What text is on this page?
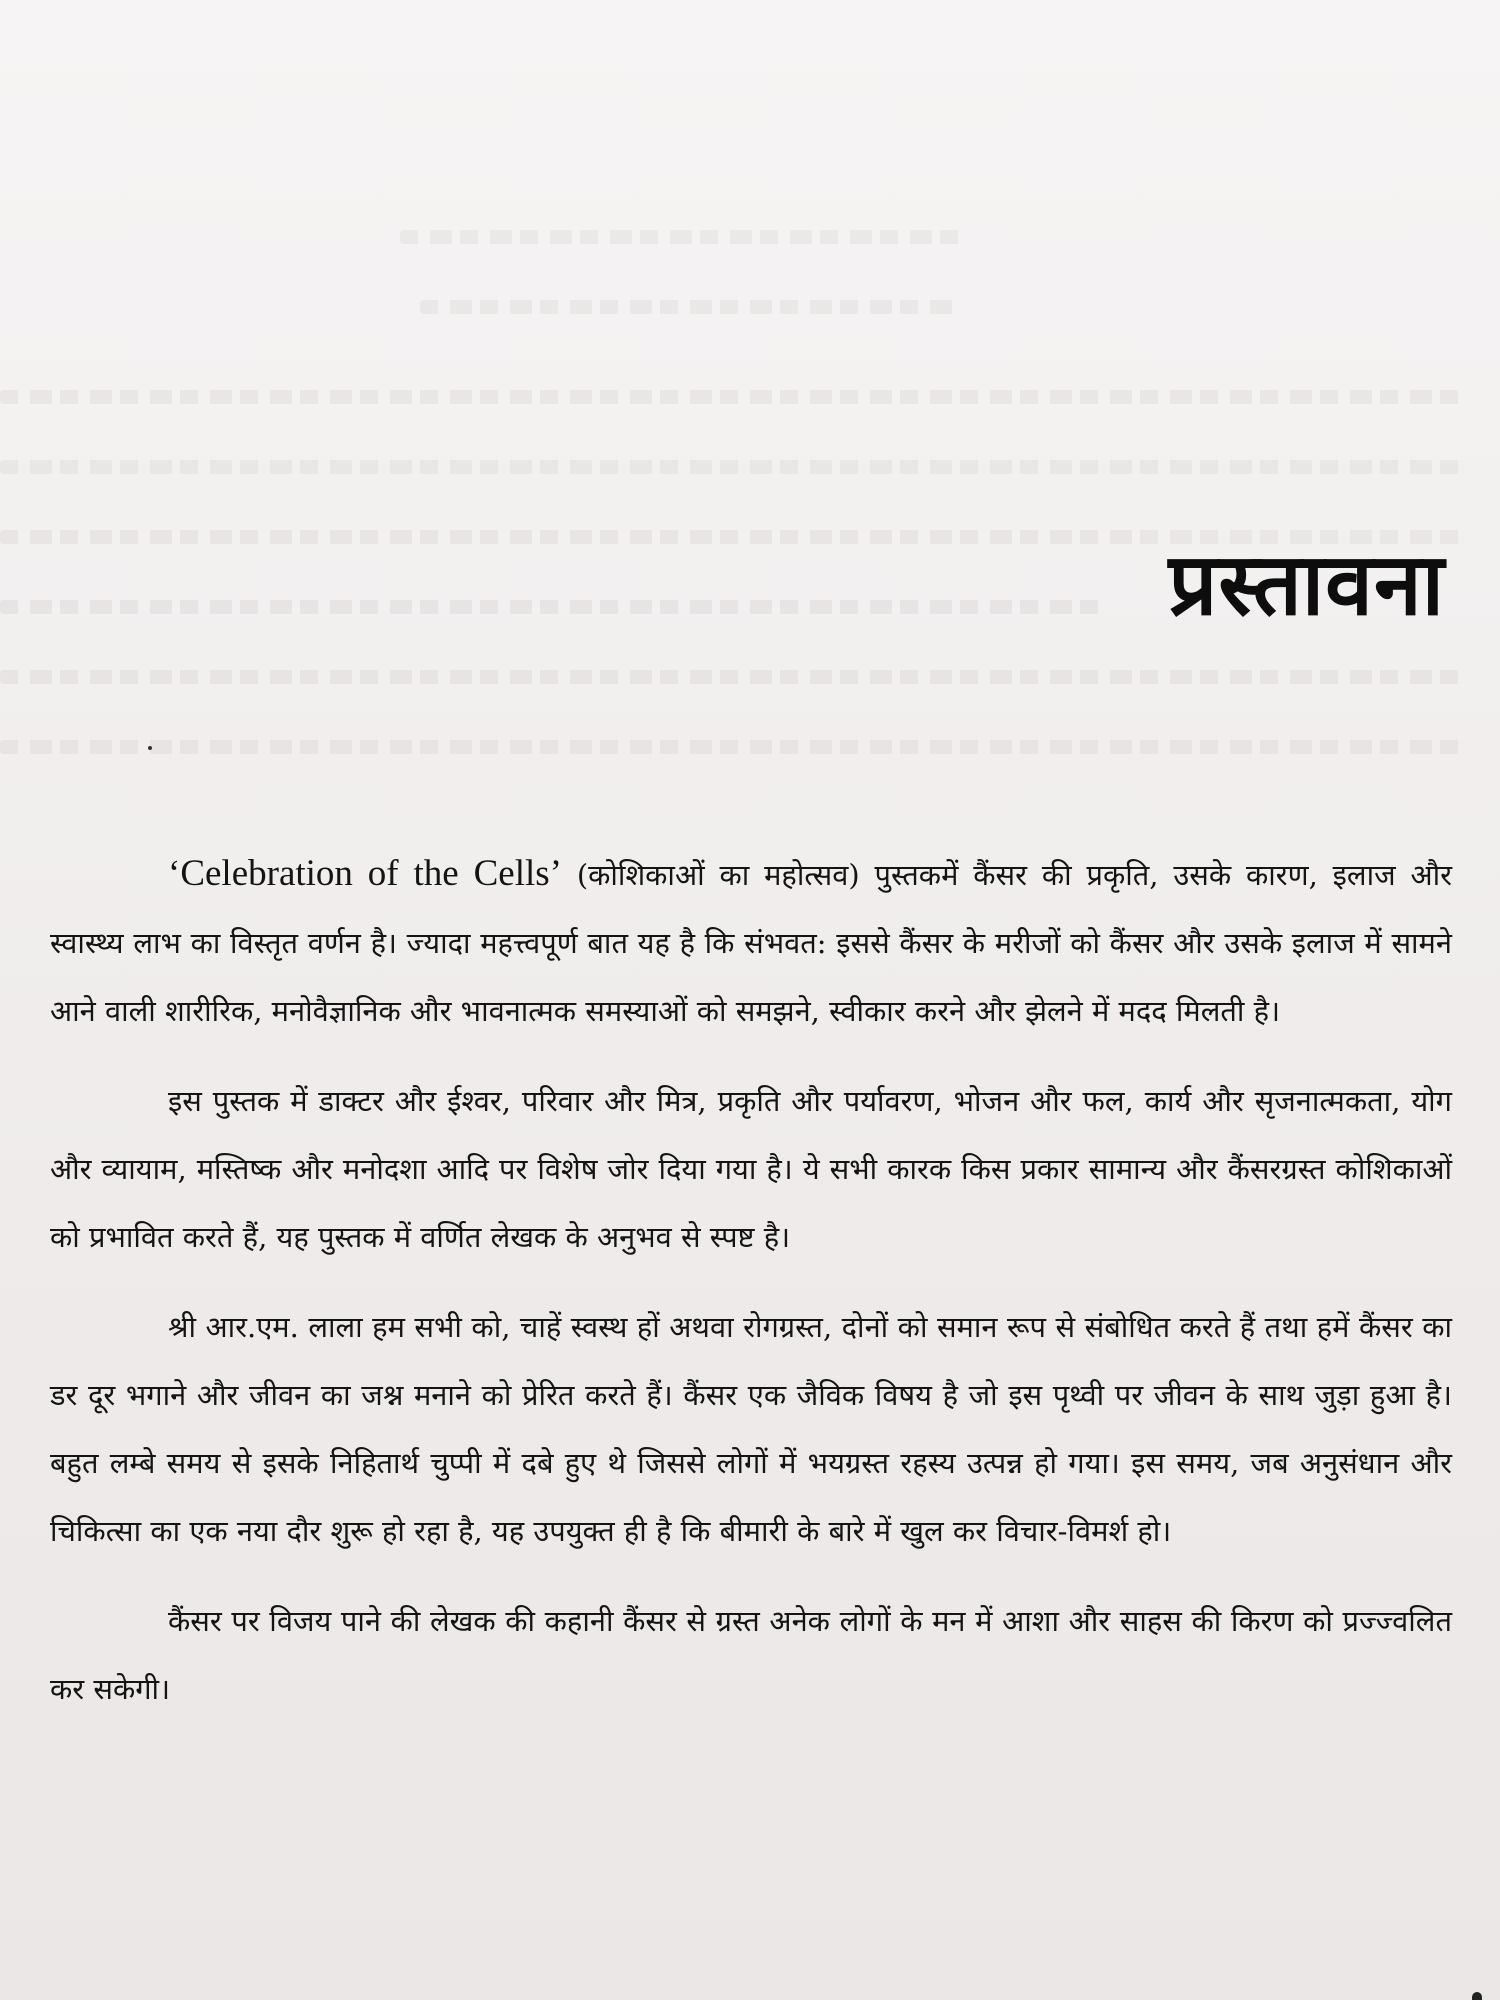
प्रस्तावना

‘Celebration of the Cells’ (कोशिकाओं का महोत्सव) पुस्तकमें कैंसर की प्रकृति, उसके कारण, इलाज और स्वास्थ्य लाभ का विस्तृत वर्णन है। ज्यादा महत्त्वपूर्ण बात यह है कि संभवत: इससे कैंसर के मरीजों को कैंसर और उसके इलाज में सामने आने वाली शारीरिक, मनोवैज्ञानिक और भावनात्मक समस्याओं को समझने, स्वीकार करने और झेलने में मदद मिलती है।

इस पुस्तक में डाक्टर और ईश्वर, परिवार और मित्र, प्रकृति और पर्यावरण, भोजन और फल, कार्य और सृजनात्मकता, योग और व्यायाम, मस्तिष्क और मनोदशा आदि पर विशेष जोर दिया गया है। ये सभी कारक किस प्रकार सामान्य और कैंसरग्रस्त कोशिकाओं को प्रभावित करते हैं, यह पुस्तक में वर्णित लेखक के अनुभव से स्पष्ट है।

श्री आर.एम. लाला हम सभी को, चाहें स्वस्थ हों अथवा रोगग्रस्त, दोनों को समान रूप से संबोधित करते हैं तथा हमें कैंसर का डर दूर भगाने और जीवन का जश्न मनाने को प्रेरित करते हैं। कैंसर एक जैविक विषय है जो इस पृथ्वी पर जीवन के साथ जुड़ा हुआ है। बहुत लम्बे समय से इसके निहितार्थ चुप्पी में दबे हुए थे जिससे लोगों में भयग्रस्त रहस्य उत्पन्न हो गया। इस समय, जब अनुसंधान और चिकित्सा का एक नया दौर शुरू हो रहा है, यह उपयुक्त ही है कि बीमारी के बारे में खुल कर विचार-विमर्श हो।

कैंसर पर विजय पाने की लेखक की कहानी कैंसर से ग्रस्त अनेक लोगों के मन में आशा और साहस की किरण को प्रज्ज्वलित कर सकेगी।
